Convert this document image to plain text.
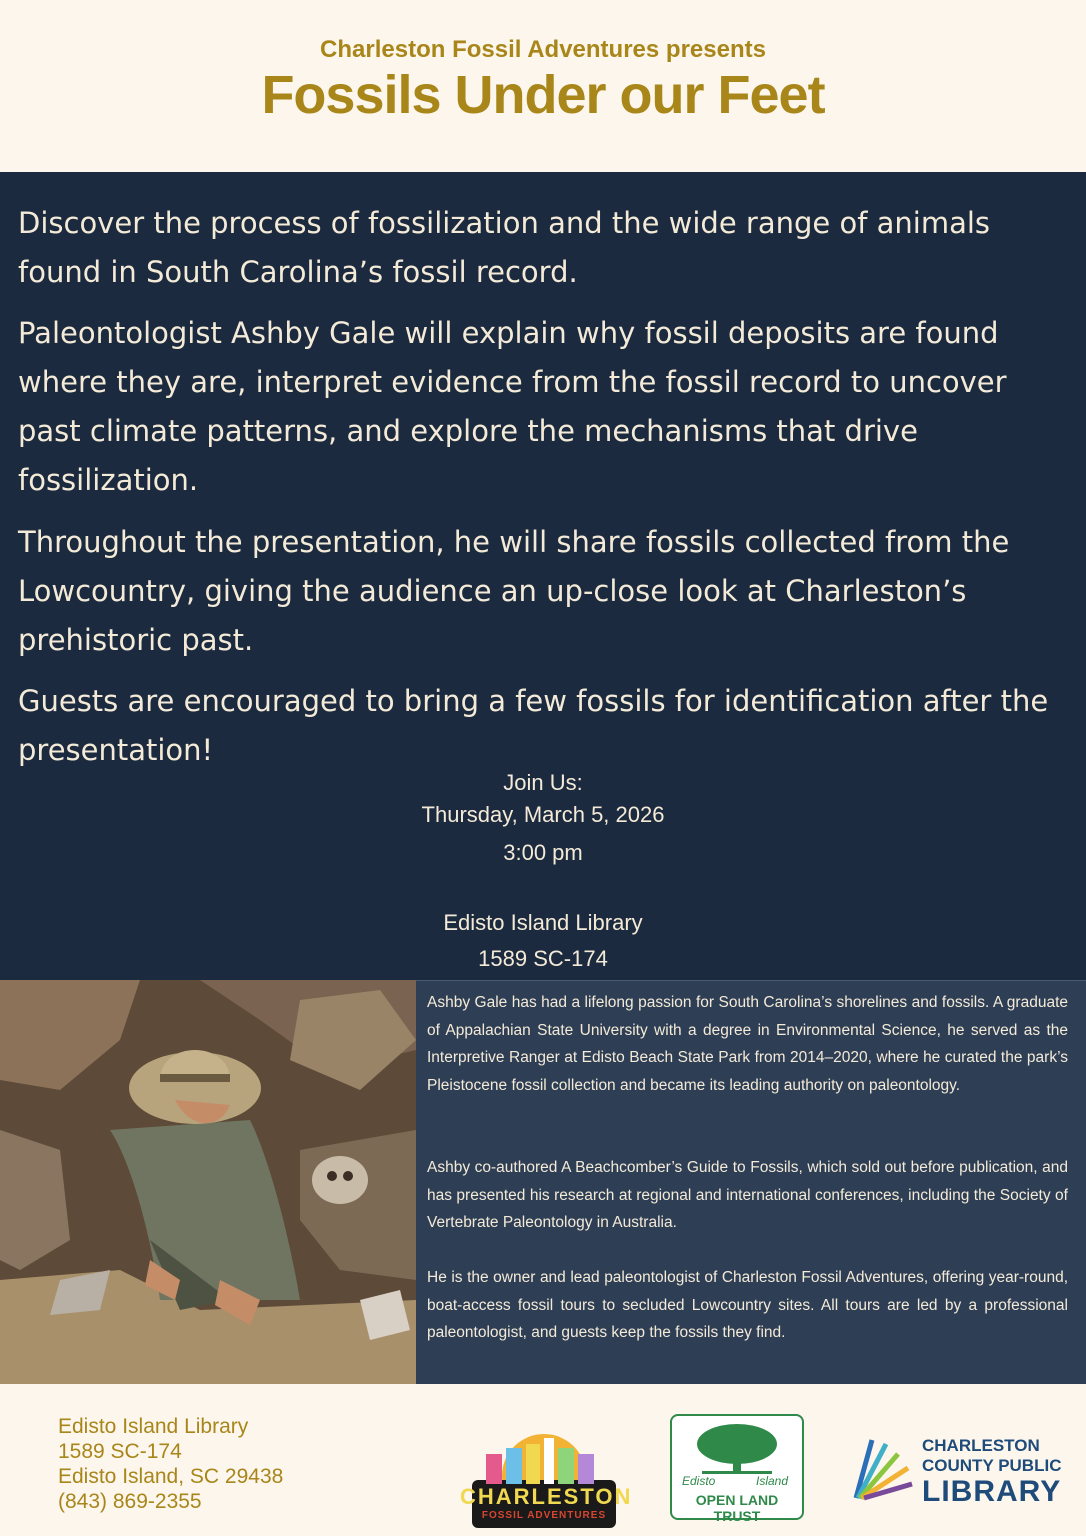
Charleston Fossil Adventures presents
Fossils Under our Feet
Discover the process of fossilization and the wide range of animals found in South Carolina’s fossil record.
Paleontologist Ashby Gale will explain why fossil deposits are found where they are, interpret evidence from the fossil record to uncover past climate patterns, and explore the mechanisms that drive fossilization.
Throughout the presentation, he will share fossils collected from the Lowcountry, giving the audience an up-close look at Charleston’s prehistoric past.
Guests are encouraged to bring a few fossils for identification after the presentation!
Join Us:
Thursday, March 5, 2026
3:00 pm
Edisto Island Library
1589 SC-174
Ashby Gale has had a lifelong passion for South Carolina’s shorelines and fossils. A graduate of Appalachian State University with a degree in Environmental Science, he served as the Interpretive Ranger at Edisto Beach State Park from 2014–2020, where he curated the park’s Pleistocene fossil collection and became its leading authority on paleontology.
Ashby co-authored A Beachcomber’s Guide to Fossils, which sold out before publication, and has presented his research at regional and international conferences, including the Society of Vertebrate Paleontology in Australia.
He is the owner and lead paleontologist of Charleston Fossil Adventures, offering year-round, boat-access fossil tours to secluded Lowcountry sites. All tours are led by a professional paleontologist, and guests keep the fossils they find.
Edisto Island Library
1589 SC-174
Edisto Island, SC 29438
(843) 869-2355	CHARLESTON
FOSSIL ADVENTURES
Edisto	Island
OPEN LAND TRUST
CHARLESTON
COUNTY PUBLIC
LIBRARY
